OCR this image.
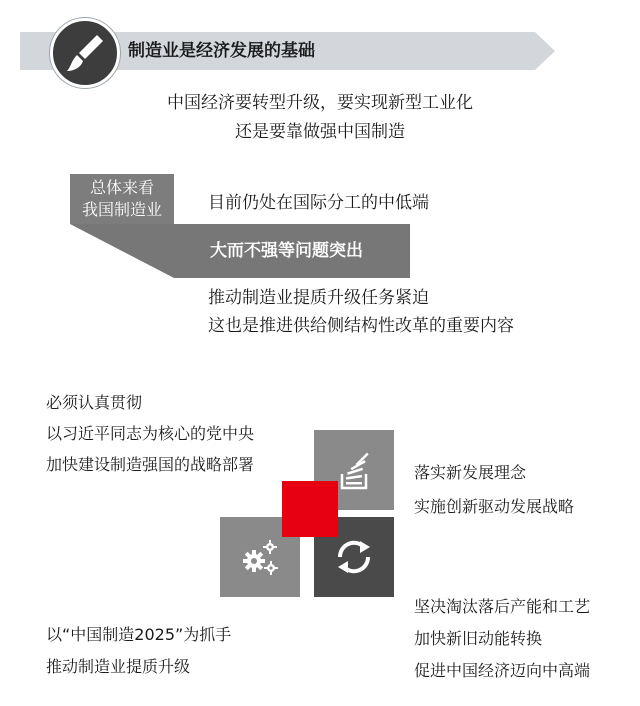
制造业是经济发展的基础
中国经济要转型升级，要实现新型工业化
还是要靠做强中国制造
总体来看
我国制造业	目前仍处在国际分工的中低端
大而不强等问题突出
推动制造业提质升级任务紧迫
这也是推进供给侧结构性改革的重要内容
必须认真贯彻
以习近平同志为核心的党中央
加快建设制造强国的战略部署	落实新发展理念
实施创新驱动发展战略
坚决淘汰落后产能和工艺
加快新旧动能转换
促进中国经济迈向中高端
以“中国制造2025”为抓手
推动制造业提质升级
